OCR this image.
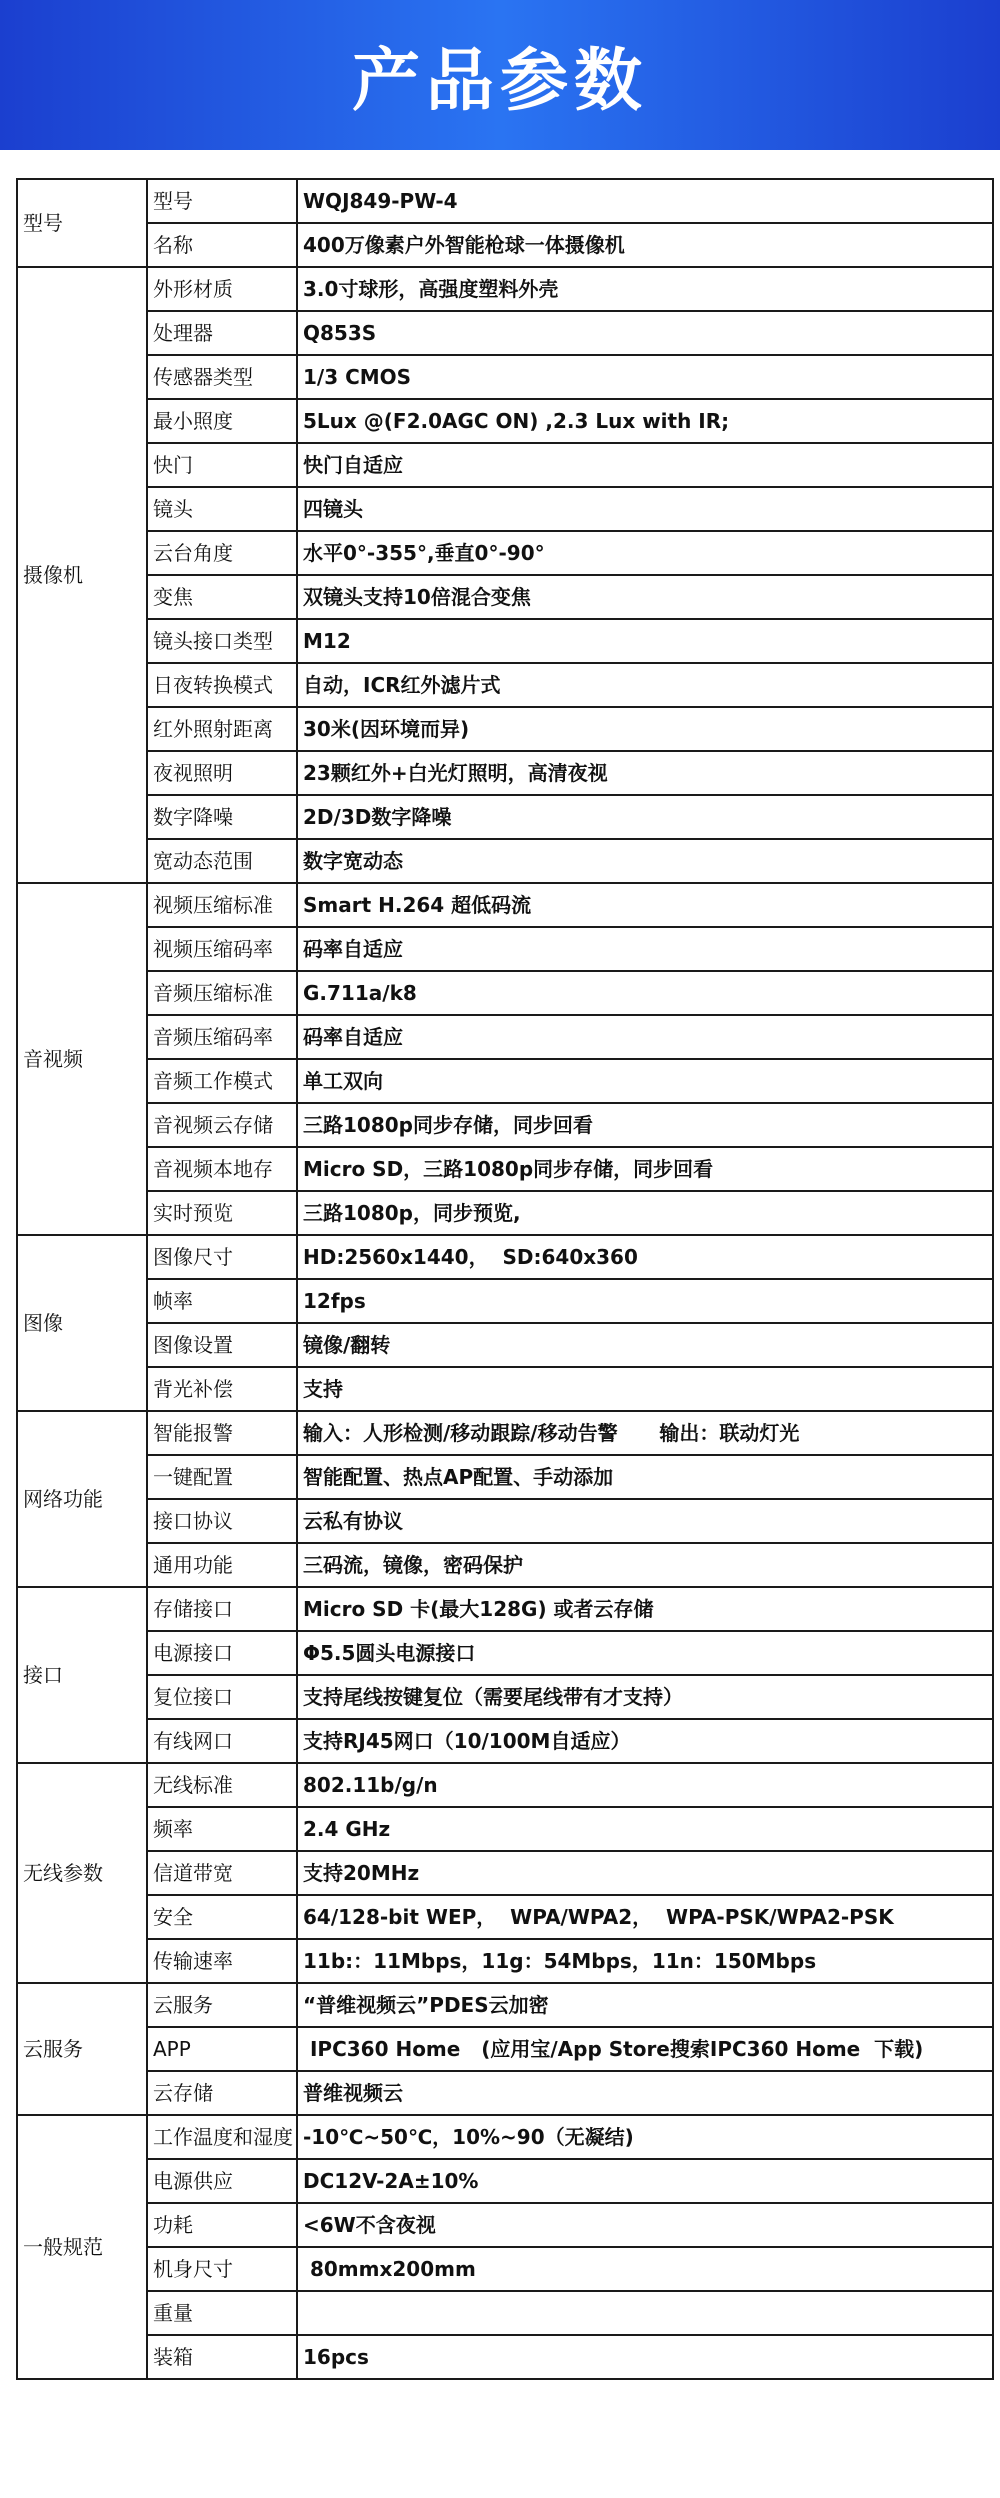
产品参数
型号	型号	WQJ849-PW-4
	名称	400万像素户外智能枪球一体摄像机
摄像机	外形材质	3.0寸球形，高强度塑料外壳
	处理器	Q853S
	传感器类型	1/3 CMOS
	最小照度	5Lux @(F2.0AGC ON) ,2.3 Lux with IR;
	快门	快门自适应
	镜头	四镜头
	云台角度	水平0°-355°,垂直0°-90°
	变焦	双镜头支持10倍混合变焦
	镜头接口类型	M12
	日夜转换模式	自动，ICR红外滤片式
	红外照射距离	30米(因环境而异)
	夜视照明	23颗红外+白光灯照明，高清夜视
	数字降噪	2D/3D数字降噪
	宽动态范围	数字宽动态
音视频	视频压缩标准	Smart H.264 超低码流
	视频压缩码率	码率自适应
	音频压缩标准	G.711a/k8
	音频压缩码率	码率自适应
	音频工作模式	单工双向
	音视频云存储	三路1080p同步存储，同步回看
	音视频本地存	Micro SD，三路1080p同步存储，同步回看
	实时预览	三路1080p，同步预览,
图像	图像尺寸	HD:2560x1440，  SD:640x360
	帧率	12fps
	图像设置	镜像/翻转
	背光补偿	支持
网络功能	智能报警	输入：人形检测/移动跟踪/移动告警      输出：联动灯光
	一键配置	智能配置、热点AP配置、手动添加
	接口协议	云私有协议
	通用功能	三码流，镜像，密码保护
接口	存储接口	Micro SD 卡(最大128G) 或者云存储
	电源接口	Φ5.5圆头电源接口
	复位接口	支持尾线按键复位（需要尾线带有才支持）
	有线网口	支持RJ45网口（10/100M自适应）
无线参数	无线标准	802.11b/g/n
	频率	2.4 GHz
	信道带宽	支持20MHz
	安全	64/128-bit WEP，  WPA/WPA2，  WPA-PSK/WPA2-PSK
	传输速率	11b:：11Mbps，11g：54Mbps，11n：150Mbps
云服务	云服务	“普维视频云”PDES云加密
	APP	IPC360 Home   (应用宝/App Store搜索IPC360 Home  下载)
	云存储	普维视频云
一般规范	工作温度和湿度	-10℃~50℃，10%~90（无凝结)
	电源供应	DC12V-2A±10%
	功耗	<6W不含夜视
	机身尺寸	80mmx200mm
	重量	
	装箱	16pcs
